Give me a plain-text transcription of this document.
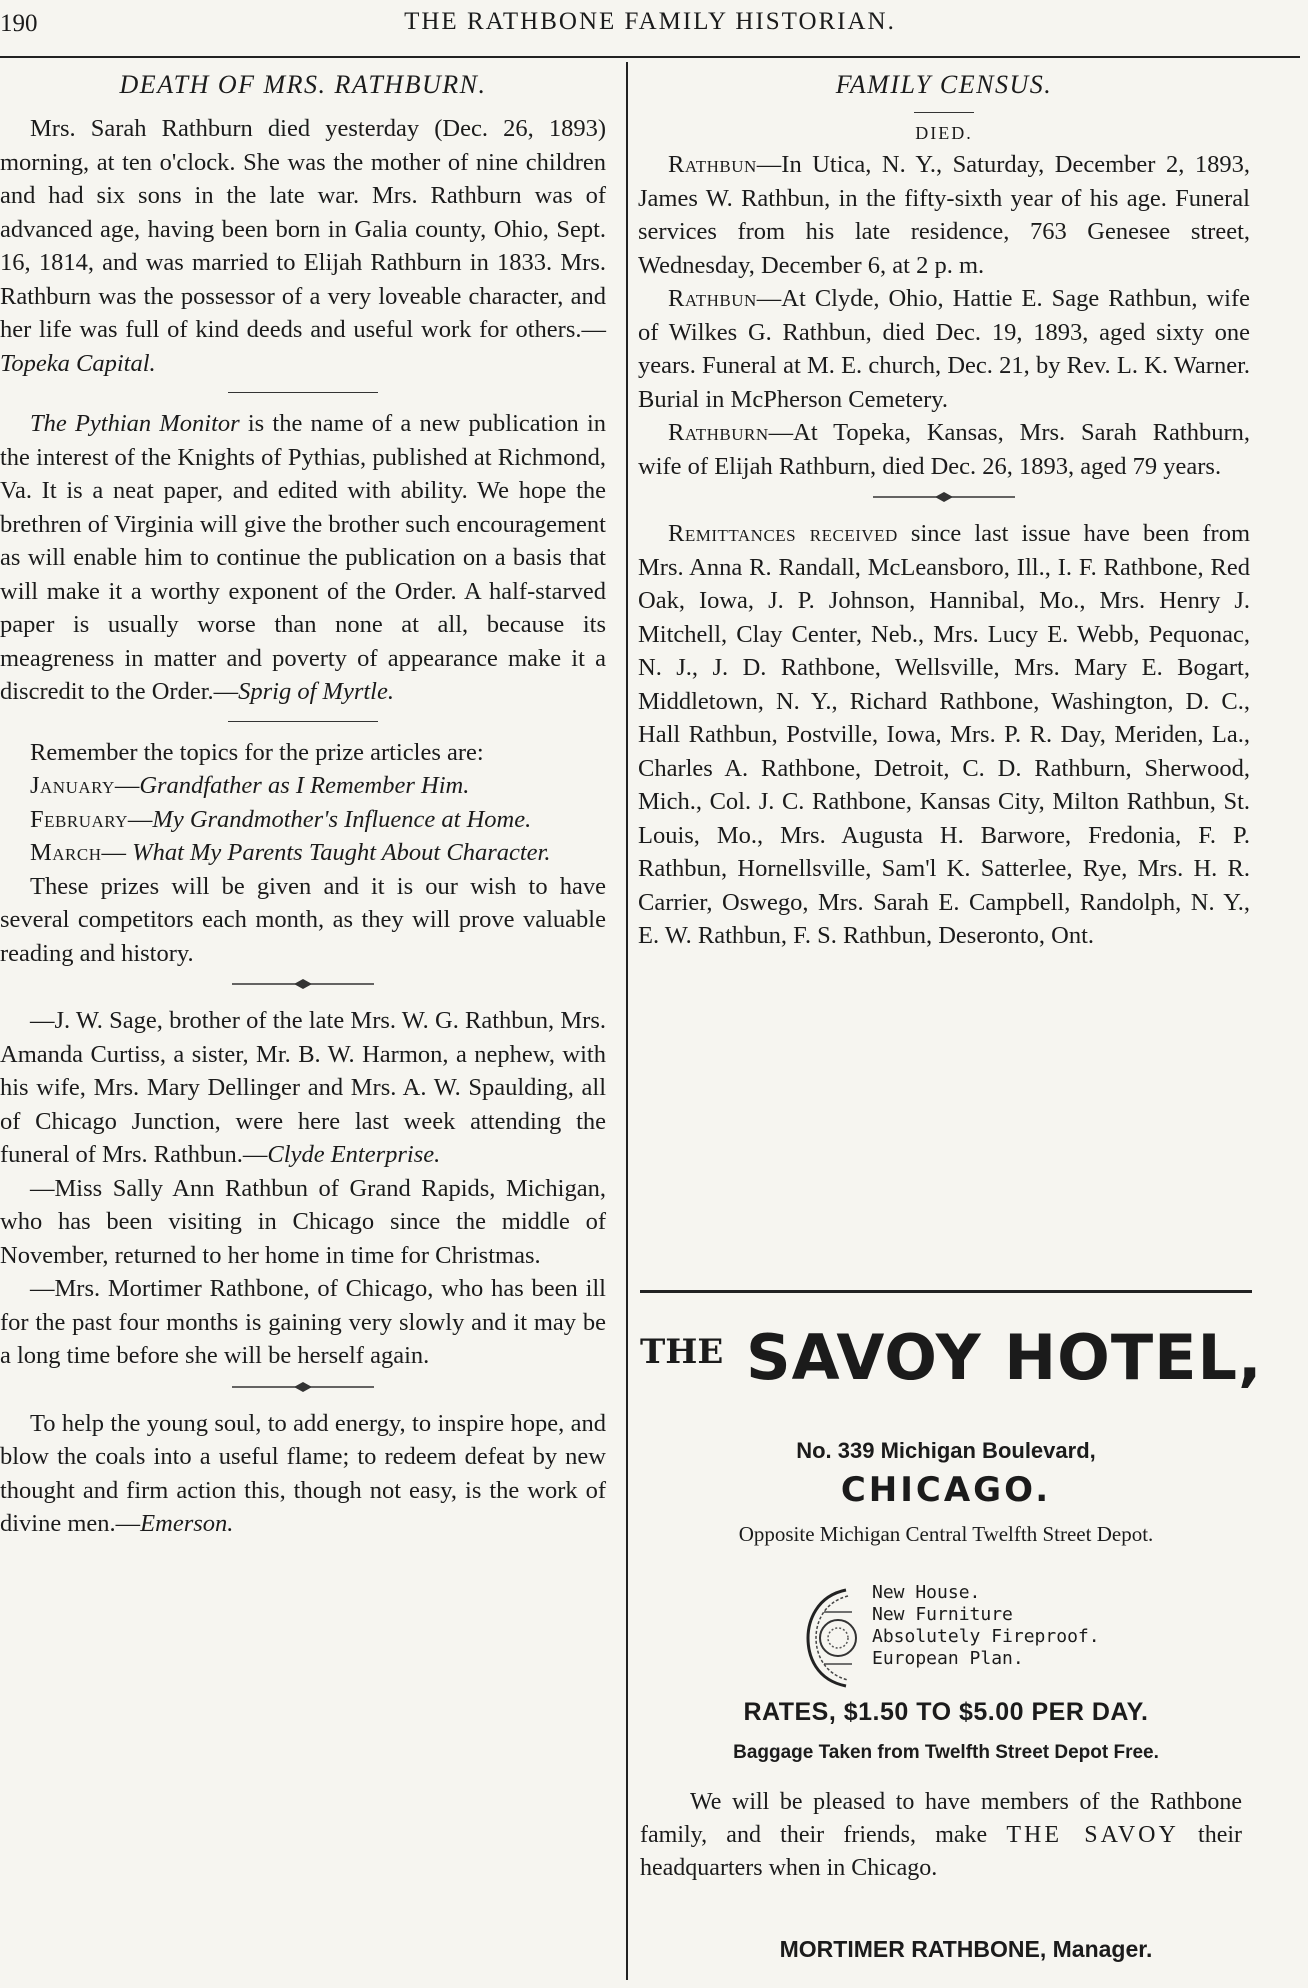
190	THE RATHBONE FAMILY HISTORIAN.
DEATH OF MRS. RATHBURN.

Mrs. Sarah Rathburn died yesterday (Dec. 26, 1893) morning, at ten o'clock. She was the mother of nine children and had six sons in the late war. Mrs. Rathburn was of advanced age, having been born in Galia county, Ohio, Sept. 16, 1814, and was married to Elijah Rathburn in 1833. Mrs. Rathburn was the possessor of a very loveable character, and her life was full of kind deeds and useful work for others.—Topeka Capital.

The Pythian Monitor is the name of a new publication in the interest of the Knights of Pythias, published at Richmond, Va. It is a neat paper, and edited with ability. We hope the brethren of Virginia will give the brother such encouragement as will enable him to continue the publication on a basis that will make it a worthy exponent of the Order. A half-starved paper is usually worse than none at all, because its meagreness in matter and poverty of appearance make it a discredit to the Order.—Sprig of Myrtle.

Remember the topics for the prize articles are:

January—Grandfather as I Remember Him.

February—My Grandmother's Influence at Home.

March— What My Parents Taught About Character.

These prizes will be given and it is our wish to have several competitors each month, as they will prove valuable reading and history.

—J. W. Sage, brother of the late Mrs. W. G. Rathbun, Mrs. Amanda Curtiss, a sister, Mr. B. W. Harmon, a nephew, with his wife, Mrs. Mary Dellinger and Mrs. A. W. Spaulding, all of Chicago Junction, were here last week attending the funeral of Mrs. Rathbun.—Clyde Enterprise.

—Miss Sally Ann Rathbun of Grand Rapids, Michigan, who has been visiting in Chicago since the middle of November, returned to her home in time for Christmas.

—Mrs. Mortimer Rathbone, of Chicago, who has been ill for the past four months is gaining very slowly and it may be a long time before she will be herself again.

To help the young soul, to add energy, to inspire hope, and blow the coals into a useful flame; to redeem defeat by new thought and firm action this, though not easy, is the work of divine men.—Emerson.

FAMILY CENSUS.
DIED.

Rathbun—In Utica, N. Y., Saturday, December 2, 1893, James W. Rathbun, in the fifty-sixth year of his age. Funeral services from his late residence, 763 Genesee street, Wednesday, December 6, at 2 p. m.

Rathbun—At Clyde, Ohio, Hattie E. Sage Rathbun, wife of Wilkes G. Rathbun, died Dec. 19, 1893, aged sixty one years. Funeral at M. E. church, Dec. 21, by Rev. L. K. Warner. Burial in McPherson Cemetery.

Rathburn—At Topeka, Kansas, Mrs. Sarah Rathburn, wife of Elijah Rathburn, died Dec. 26, 1893, aged 79 years.

Remittances received since last issue have been from Mrs. Anna R. Randall, McLeansboro, Ill., I. F. Rathbone, Red Oak, Iowa, J. P. Johnson, Hannibal, Mo., Mrs. Henry J. Mitchell, Clay Center, Neb., Mrs. Lucy E. Webb, Pequonac, N. J., J. D. Rathbone, Wellsville, Mrs. Mary E. Bogart, Middletown, N. Y., Richard Rathbone, Washington, D. C., Hall Rathbun, Postville, Iowa, Mrs. P. R. Day, Meriden, La., Charles A. Rathbone, Detroit, C. D. Rathburn, Sherwood, Mich., Col. J. C. Rathbone, Kansas City, Milton Rathbun, St. Louis, Mo., Mrs. Augusta H. Barwore, Fredonia, F. P. Rathbun, Hornellsville, Sam'l K. Satterlee, Rye, Mrs. H. R. Carrier, Oswego, Mrs. Sarah E. Campbell, Randolph, N. Y., E. W. Rathbun, F. S. Rathbun, Deseronto, Ont.

$^{THE}$ SAVOY HOTEL,
No. 339 Michigan Boulevard,
CHICAGO.
Opposite Michigan Central Twelfth Street Depot.
New House.
New Furniture
Absolutely Fireproof.
European Plan.
RATES, $1.50 TO $5.00 PER DAY.
Baggage Taken from Twelfth Street Depot Free.

We will be pleased to have members of the Rathbone family, and their friends, make THE SAVOY their headquarters when in Chicago.

MORTIMER RATHBONE, Manager.
